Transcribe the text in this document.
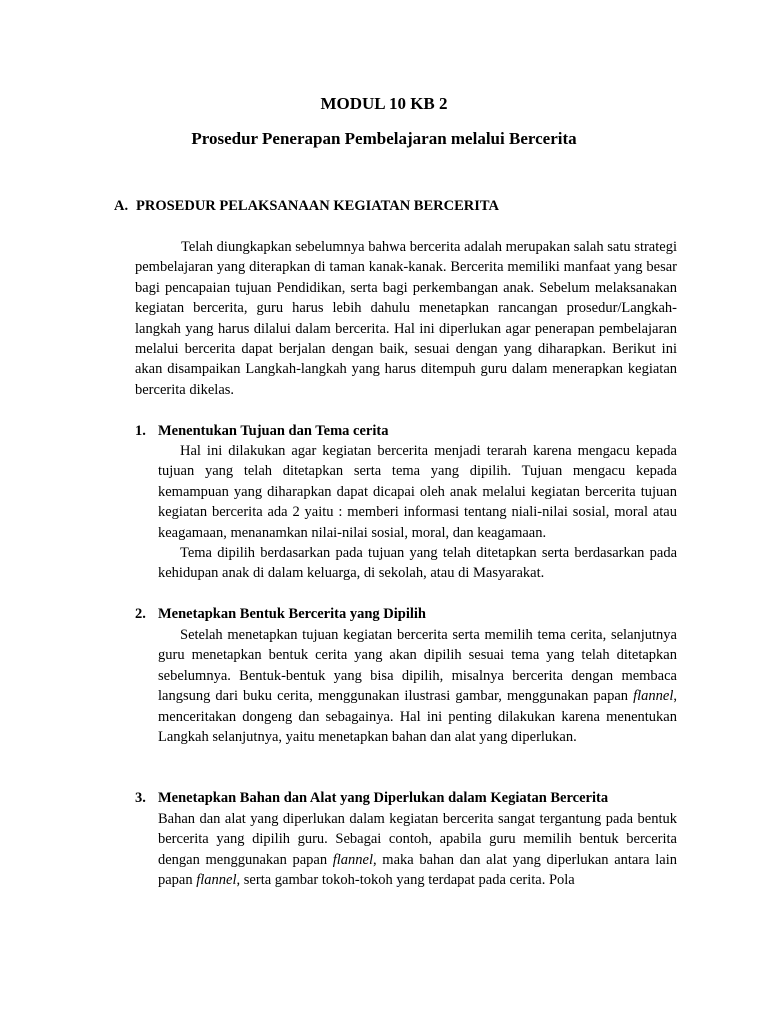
MODUL 10 KB 2
Prosedur Penerapan Pembelajaran melalui Bercerita
A. PROSEDUR PELAKSANAAN KEGIATAN BERCERITA

Telah diungkapkan sebelumnya bahwa bercerita adalah merupakan salah satu strategi pembelajaran yang diterapkan di taman kanak-kanak. Bercerita memiliki manfaat yang besar bagi pencapaian tujuan Pendidikan, serta bagi perkembangan anak. Sebelum melaksanakan kegiatan bercerita, guru harus lebih dahulu menetapkan rancangan prosedur/Langkah-langkah yang harus dilalui dalam bercerita. Hal ini diperlukan agar penerapan pembelajaran melalui bercerita dapat berjalan dengan baik, sesuai dengan yang diharapkan. Berikut ini akan disampaikan Langkah-langkah yang harus ditempuh guru dalam menerapkan kegiatan bercerita dikelas.

1. Menentukan Tujuan dan Tema cerita

Hal ini dilakukan agar kegiatan bercerita menjadi terarah karena mengacu kepada tujuan yang telah ditetapkan serta tema yang dipilih. Tujuan mengacu kepada kemampuan yang diharapkan dapat dicapai oleh anak melalui kegiatan bercerita tujuan kegiatan bercerita ada 2 yaitu : memberi informasi tentang niali-nilai sosial, moral atau keagamaan, menanamkan nilai-nilai sosial, moral, dan keagamaan.

Tema dipilih berdasarkan pada tujuan yang telah ditetapkan serta berdasarkan pada kehidupan anak di dalam keluarga, di sekolah, atau di Masyarakat.

2. Menetapkan Bentuk Bercerita yang Dipilih

Setelah menetapkan tujuan kegiatan bercerita serta memilih tema cerita, selanjutnya guru menetapkan bentuk cerita yang akan dipilih sesuai tema yang telah ditetapkan sebelumnya. Bentuk-bentuk yang bisa dipilih, misalnya bercerita dengan membaca langsung dari buku cerita, menggunakan ilustrasi gambar, menggunakan papan flannel, menceritakan dongeng dan sebagainya. Hal ini penting dilakukan karena menentukan Langkah selanjutnya, yaitu menetapkan bahan dan alat yang diperlukan.

3. Menetapkan Bahan dan Alat yang Diperlukan dalam Kegiatan Bercerita

Bahan dan alat yang diperlukan dalam kegiatan bercerita sangat tergantung pada bentuk bercerita yang dipilih guru. Sebagai contoh, apabila guru memilih bentuk bercerita dengan menggunakan papan flannel, maka bahan dan alat yang diperlukan antara lain papan flannel, serta gambar tokoh-tokoh yang terdapat pada cerita. Pola
